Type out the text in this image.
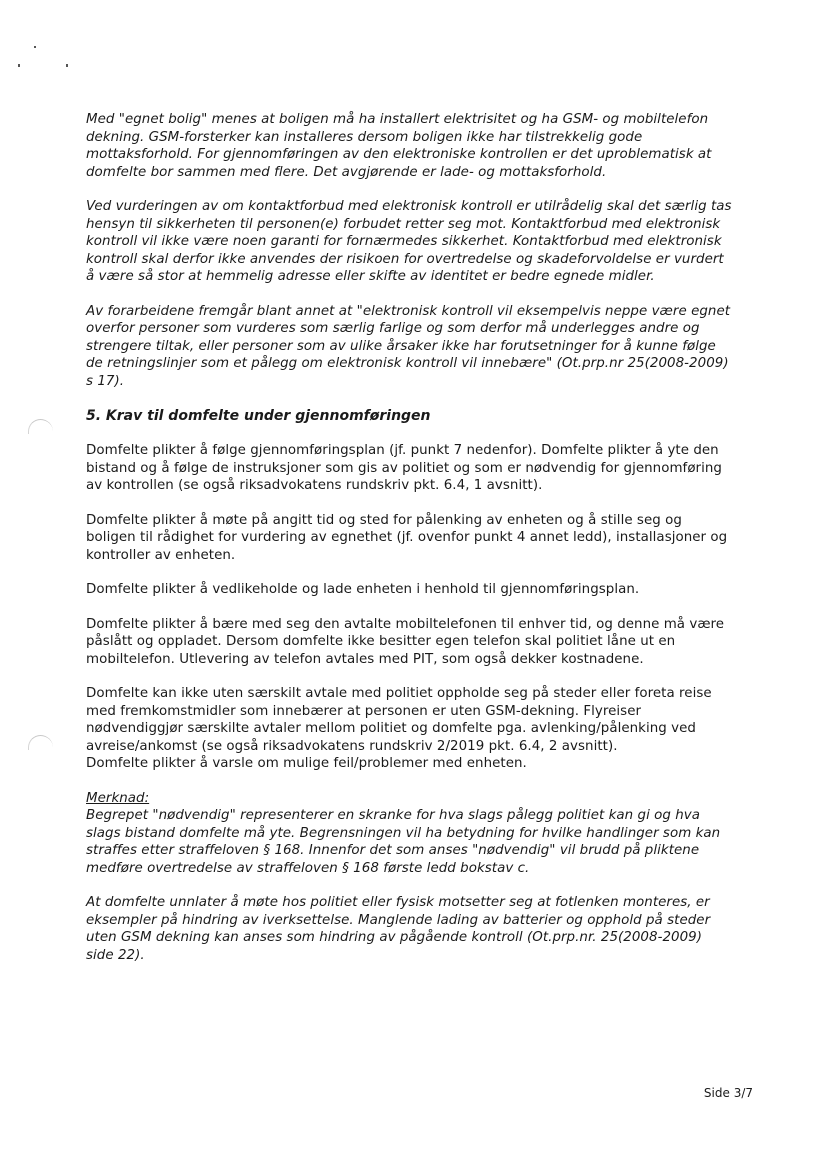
Med "egnet bolig" menes at boligen må ha installert elektrisitet og ha GSM- og mobiltelefon
dekning. GSM-forsterker kan installeres dersom boligen ikke har tilstrekkelig gode
mottaksforhold. For gjennomføringen av den elektroniske kontrollen er det uproblematisk at
domfelte bor sammen med flere. Det avgjørende er lade- og mottaksforhold.
Ved vurderingen av om kontaktforbud med elektronisk kontroll er utilrådelig skal det særlig tas
hensyn til sikkerheten til personen(e) forbudet retter seg mot. Kontaktforbud med elektronisk
kontroll vil ikke være noen garanti for fornærmedes sikkerhet. Kontaktforbud med elektronisk
kontroll skal derfor ikke anvendes der risikoen for overtredelse og skadeforvoldelse er vurdert
å være så stor at hemmelig adresse eller skifte av identitet er bedre egnede midler.
Av forarbeidene fremgår blant annet at "elektronisk kontroll vil eksempelvis neppe være egnet
overfor personer som vurderes som særlig farlige og som derfor må underlegges andre og
strengere tiltak, eller personer som av ulike årsaker ikke har forutsetninger for å kunne følge
de retningslinjer som et pålegg om elektronisk kontroll vil innebære" (Ot.prp.nr 25(2008-2009)
s 17).
5. Krav til domfelte under gjennomføringen
Domfelte plikter å følge gjennomføringsplan (jf. punkt 7 nedenfor). Domfelte plikter å yte den
bistand og å følge de instruksjoner som gis av politiet og som er nødvendig for gjennomføring
av kontrollen (se også riksadvokatens rundskriv pkt. 6.4, 1 avsnitt).
Domfelte plikter å møte på angitt tid og sted for pålenking av enheten og å stille seg og
boligen til rådighet for vurdering av egnethet (jf. ovenfor punkt 4 annet ledd), installasjoner og
kontroller av enheten.
Domfelte plikter å vedlikeholde og lade enheten i henhold til gjennomføringsplan.
Domfelte plikter å bære med seg den avtalte mobiltelefonen til enhver tid, og denne må være
påslått og oppladet. Dersom domfelte ikke besitter egen telefon skal politiet låne ut en
mobiltelefon. Utlevering av telefon avtales med PIT, som også dekker kostnadene.
Domfelte kan ikke uten særskilt avtale med politiet oppholde seg på steder eller foreta reise
med fremkomstmidler som innebærer at personen er uten GSM-dekning. Flyreiser
nødvendiggjør særskilte avtaler mellom politiet og domfelte pga. avlenking/pålenking ved
avreise/ankomst (se også riksadvokatens rundskriv 2/2019 pkt. 6.4, 2 avsnitt).
Domfelte plikter å varsle om mulige feil/problemer med enheten.
Merknad:
Begrepet "nødvendig" representerer en skranke for hva slags pålegg politiet kan gi og hva
slags bistand domfelte må yte. Begrensningen vil ha betydning for hvilke handlinger som kan
straffes etter straffeloven § 168. Innenfor det som anses "nødvendig" vil brudd på pliktene
medføre overtredelse av straffeloven § 168 første ledd bokstav c.
At domfelte unnlater å møte hos politiet eller fysisk motsetter seg at fotlenken monteres, er
eksempler på hindring av iverksettelse. Manglende lading av batterier og opphold på steder
uten GSM dekning kan anses som hindring av pågående kontroll (Ot.prp.nr. 25(2008-2009)
side 22).
Side 3/7
